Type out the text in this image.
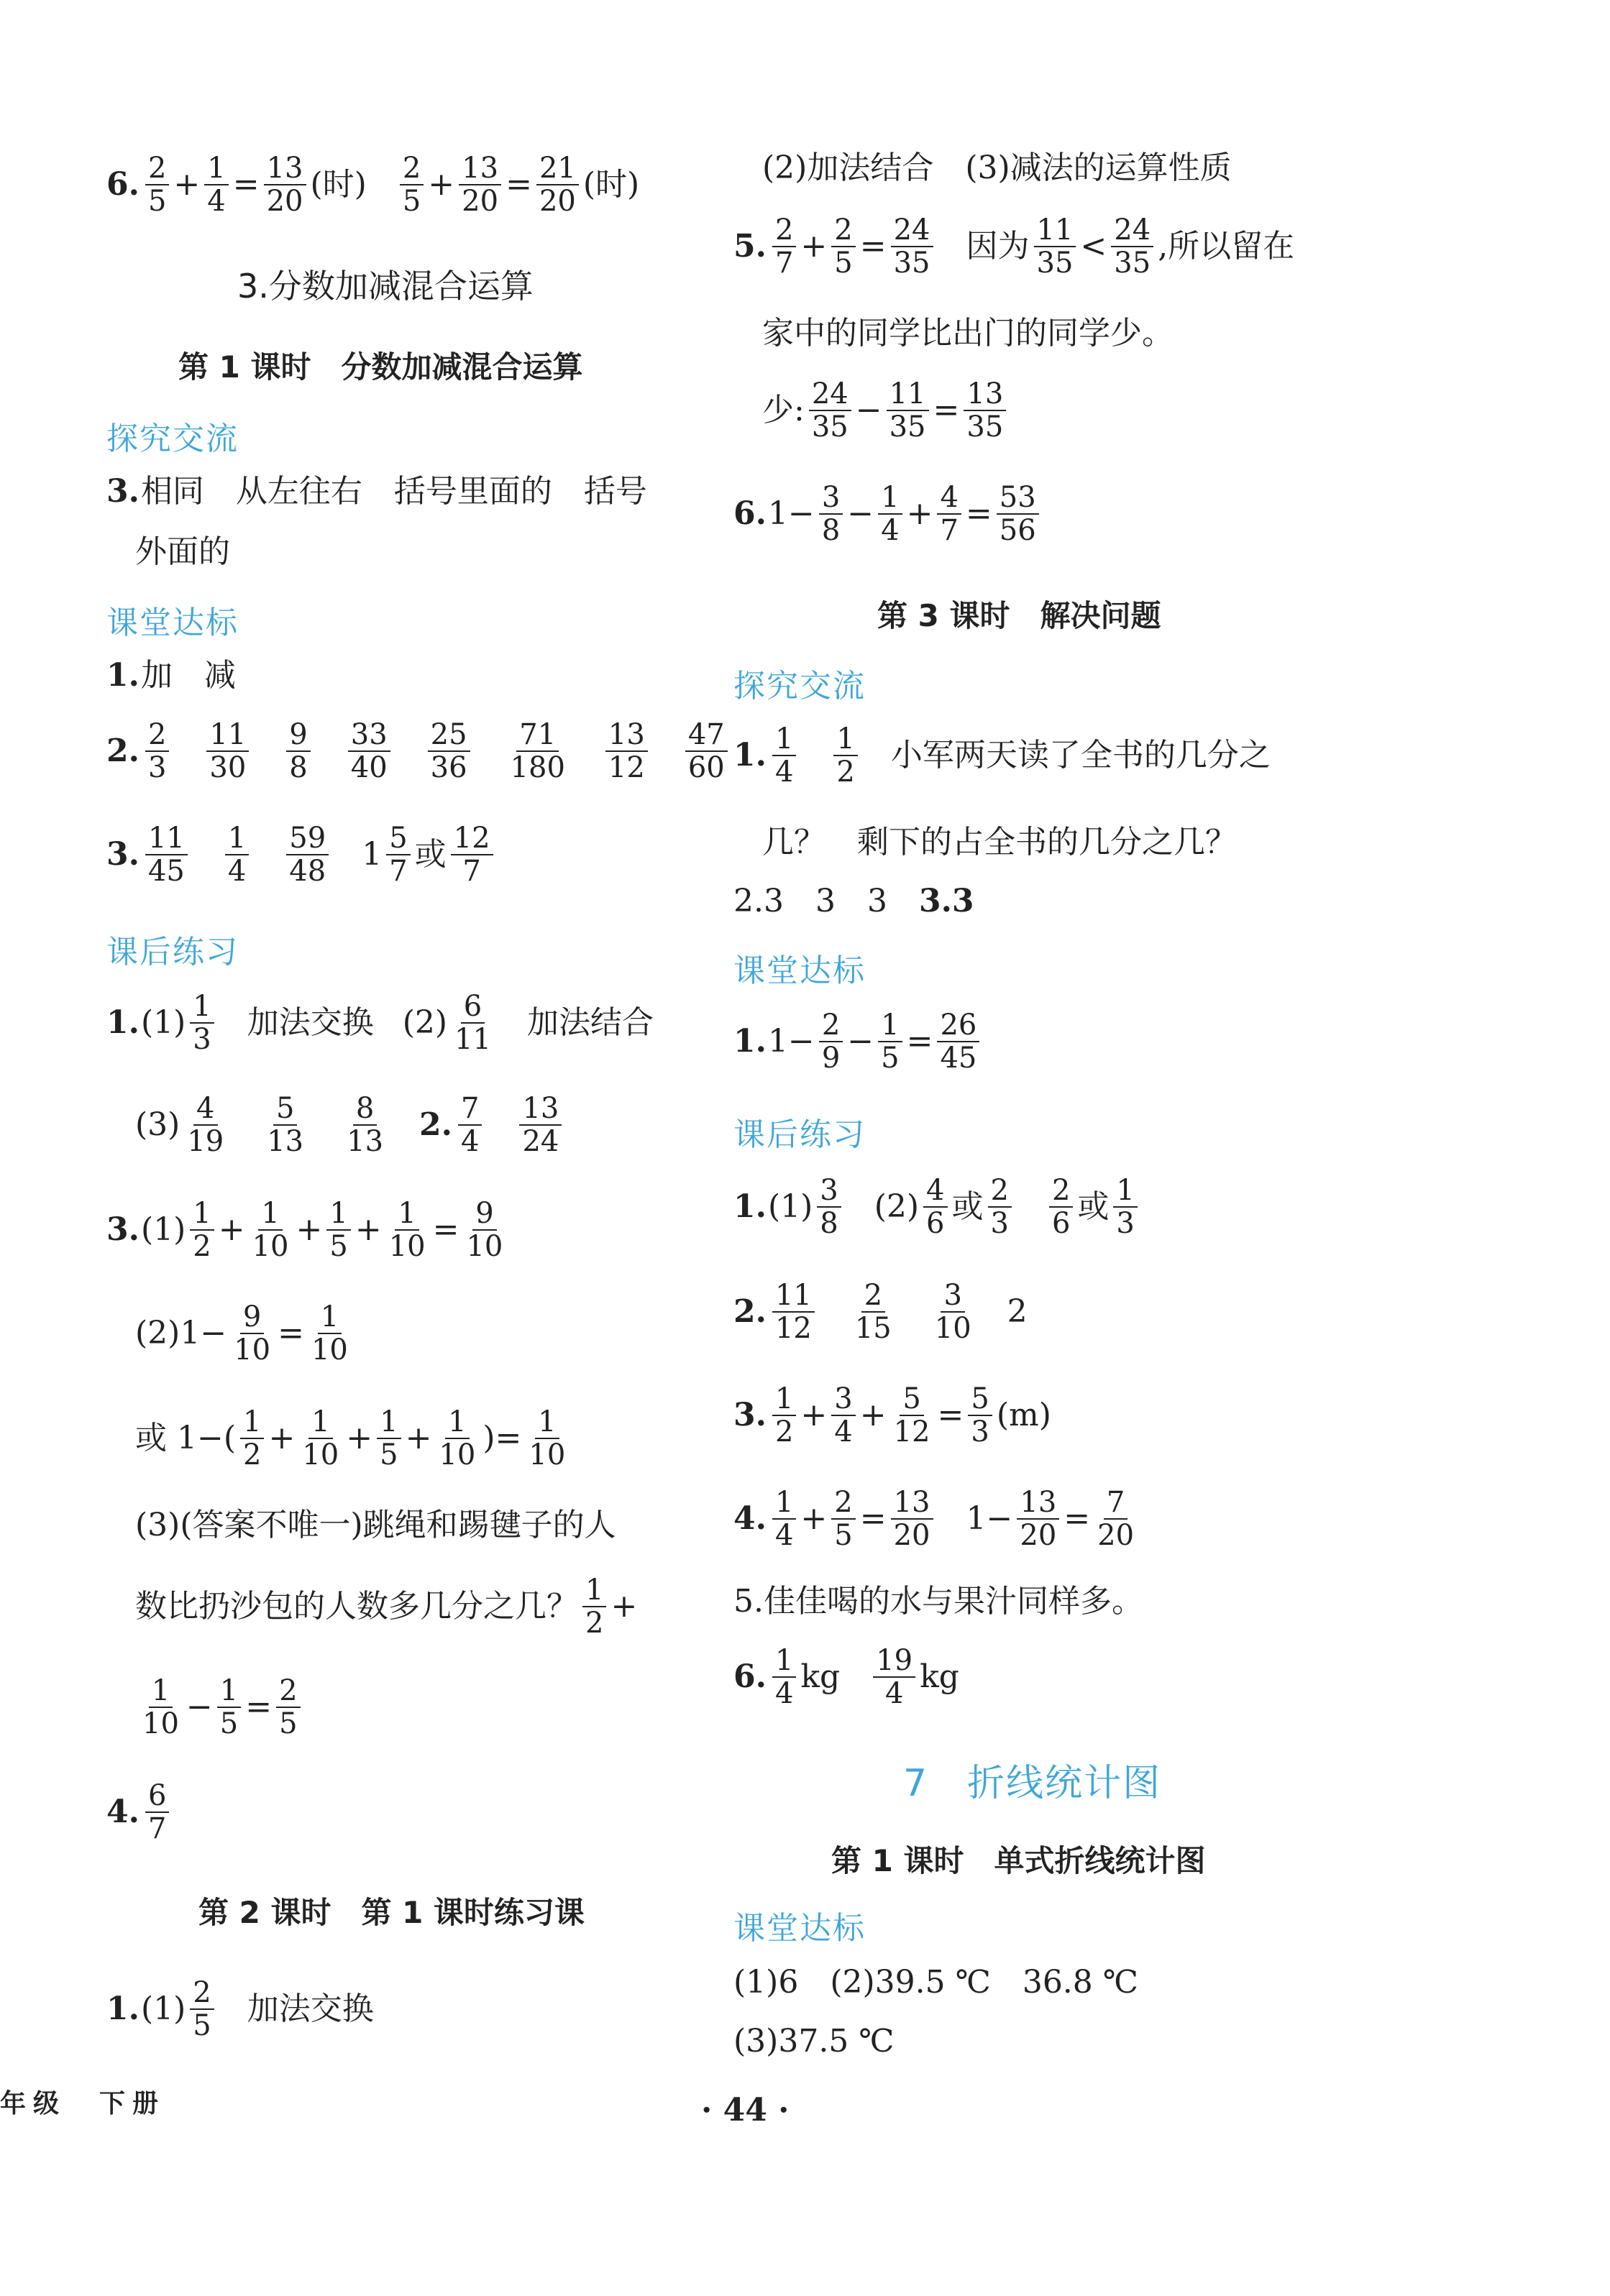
6. $\frac{2}{5} + \frac{1}{4} = \frac{13}{20}$ (时) $\frac{2}{5} + \frac{13}{20} = \frac{21}{20}$ (时)
3.分数加减混合运算
第 1 课时　分数加减混合运算
探究交流
3. 相同　从左往右　括号里面的　括号
外面的
课堂达标
1. 加　减
2. $\frac{2}{3} \frac{11}{30} \frac{9}{8} \frac{33}{40} \frac{25}{36} \frac{71}{180} \frac{13}{12} \frac{47}{60}$
3. $\frac{11}{45} \frac{1}{4} \frac{59}{48} 1 \frac{5}{7}$ 或 $\frac{12}{7}$
课后练习
1. $(1) \frac{1}{3}$ 加法交换 $(2) \frac{6}{11}$ 加法结合
$(3) \frac{4}{19} \frac{5}{13} \frac{8}{13} 2$. $\frac{7}{4} \frac{13}{24}$
3. $(1) \frac{1}{2} + \frac{1}{10} + \frac{1}{5} + \frac{1}{10} = \frac{9}{10}$
$(2)1- \frac{9}{10} = \frac{1}{10}$
或 $1-( \frac{1}{2} + \frac{1}{10} + \frac{1}{5} + \frac{1}{10}$ )= $\frac{1}{10}$
(3)(答案不唯一)跳绳和踢毽子的人
数比扔沙包的人数多几分之几？ $\frac{1}{2}$ +
$\frac{1}{10} - \frac{1}{5} = \frac{2}{5}$
4. $\frac{6}{7}$
第 2 课时　第 1 课时练习课
1. $(1) \frac{2}{5}$ 加法交换
年级　下册
(2)加法结合　(3)减法的运算性质
5. $\frac{2}{7} + \frac{2}{5} = \frac{24}{35}$ 因为 $\frac{11}{35} < \frac{24}{35}$ ,所以留在
家中的同学比出门的同学少。
少: $\frac{24}{35} - \frac{11}{35} = \frac{13}{35}$
6. $1- \frac{3}{8} - \frac{1}{4} + \frac{4}{7} = \frac{53}{56}$
第 3 课时　解决问题
探究交流
1. $\frac{1}{4} \frac{1}{2}$ 小军两天读了全书的几分之
几？　剩下的占全书的几分之几？
2.3　3　3　 3.3
课堂达标
1. $1- \frac{2}{9} - \frac{1}{5} = \frac{26}{45}$
课后练习
1. $(1) \frac{3}{8} (2) \frac{4}{6}$ 或 $\frac{2}{3} \frac{2}{6}$ 或 $\frac{1}{3}$
2. $\frac{11}{12} \frac{2}{15} \frac{3}{10} 2$
3. $\frac{1}{2} + \frac{3}{4} + \frac{5}{12} = \frac{5}{3} (m)$
4. $\frac{1}{4} + \frac{2}{5} = \frac{13}{20} 1- \frac{13}{20} = \frac{7}{20}$
5.佳佳喝的水与果汁同样多。
6. $\frac{1}{4}$ kg $\frac{19}{4}$ kg
7　折线统计图
第 1 课时　单式折线统计图
课堂达标
(1)6　(2)39.5 ℃　36.8 ℃
(3)37.5 ℃
· 44 ·
